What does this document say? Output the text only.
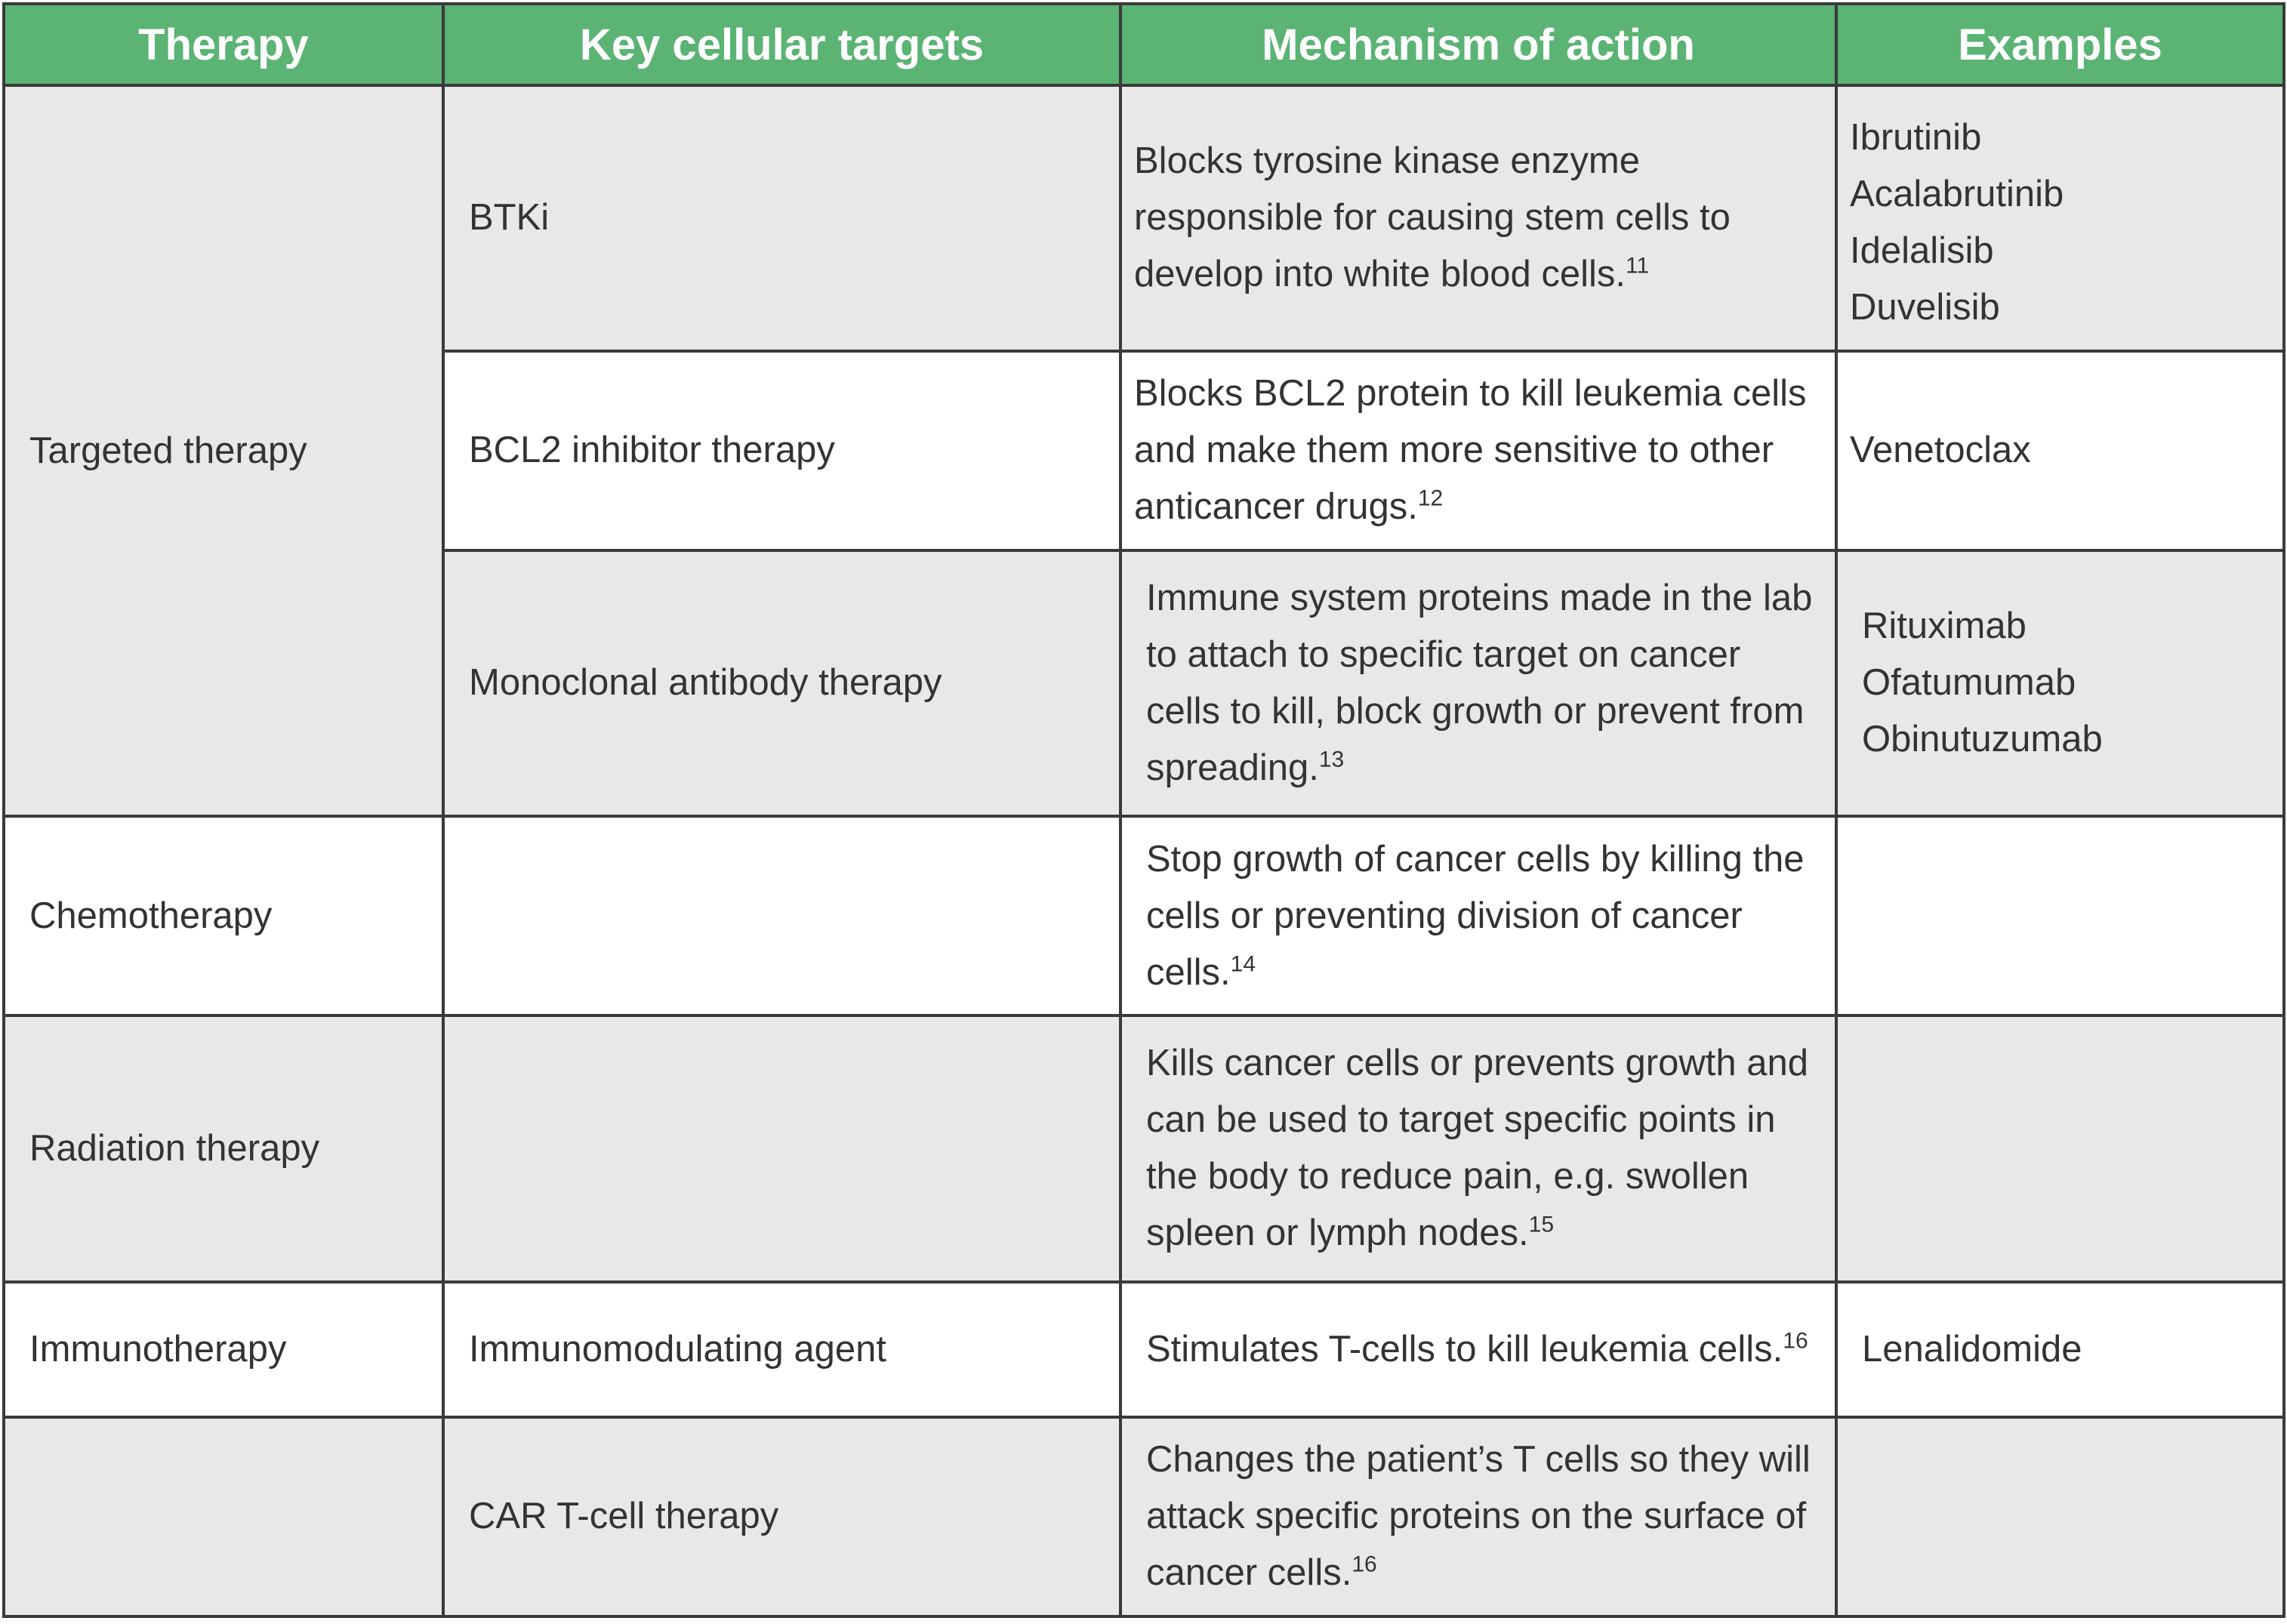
Therapy	Key cellular targets	Mechanism of action	Examples
Targeted therapy	BTKi	Blocks tyrosine kinase enzyme responsible for causing stem cells to develop into white blood cells.$^{11}$	Ibrutinib
Acalabrutinib
Idelalisib
Duvelisib

	BCL2 inhibitor therapy	Blocks BCL2 protein to kill leukemia cells and make them more sensitive to other anticancer drugs.$^{12}$	Venetoclax

	Monoclonal antibody therapy	Immune system proteins made in the lab to attach to specific target on cancer cells to kill, block growth or prevent from spreading.$^{13}$	Rituximab
Ofatumumab
Obinutuzumab

Chemotherapy		Stop growth of cancer cells by killing the cells or preventing division of cancer cells.$^{14}$	
Radiation therapy		Kills cancer cells or prevents growth and can be used to target specific points in the body to reduce pain, e.g. swollen spleen or lymph nodes.$^{15}$	
Immunotherapy	Immunomodulating agent	Stimulates T-cells to kill leukemia cells.$^{16}$	Lenalidomide

	CAR T-cell therapy	Changes the patient’s T cells so they will attack specific proteins on the surface of cancer cells.$^{16}$	
